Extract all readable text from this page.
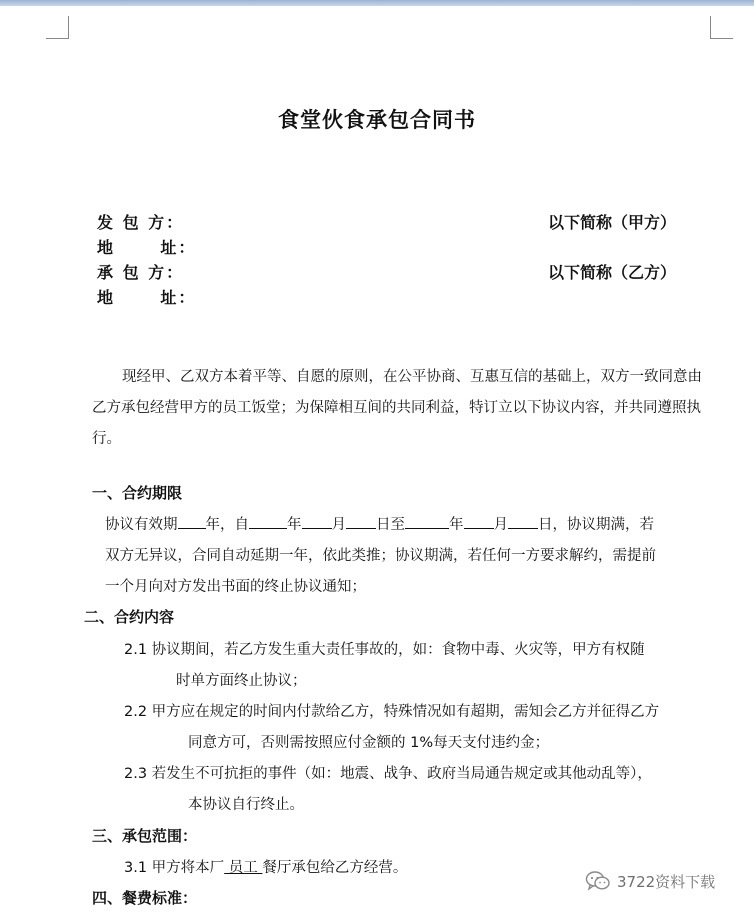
食堂伙食承包合同书
发 包 方：	以下简称（甲方）
地      址：
承 包 方：	以下简称（乙方）
地      址：
现经甲、乙双方本着平等、自愿的原则，在公平协商、互惠互信的基础上，双方一致同意由乙方承包经营甲方的员工饭堂；为保障相互间的共同利益，特订立以下协议内容，并共同遵照执行。
一、合约期限
协议有效期 年，自	年 月 日至	年 月 日，协议期满，若
双方无异议，合同自动延期一年，依此类推；协议期满，若任何一方要求解约，需提前
一个月向对方发出书面的终止协议通知；
二、合约内容
2.1 协议期间，若乙方发生重大责任事故的，如：食物中毒、火灾等，甲方有权随
时单方面终止协议；
2.2 甲方应在规定的时间内付款给乙方，特殊情况如有超期，需知会乙方并征得乙方
同意方可，否则需按照应付金额的 1%每天支付违约金；
2.3 若发生不可抗拒的事件（如：地震、战争、政府当局通告规定或其他动乱等），
本协议自行终止。
三、承包范围：
3.1 甲方将本厂 员工 餐厅承包给乙方经营。
四、餐费标准：
3722资料下载
